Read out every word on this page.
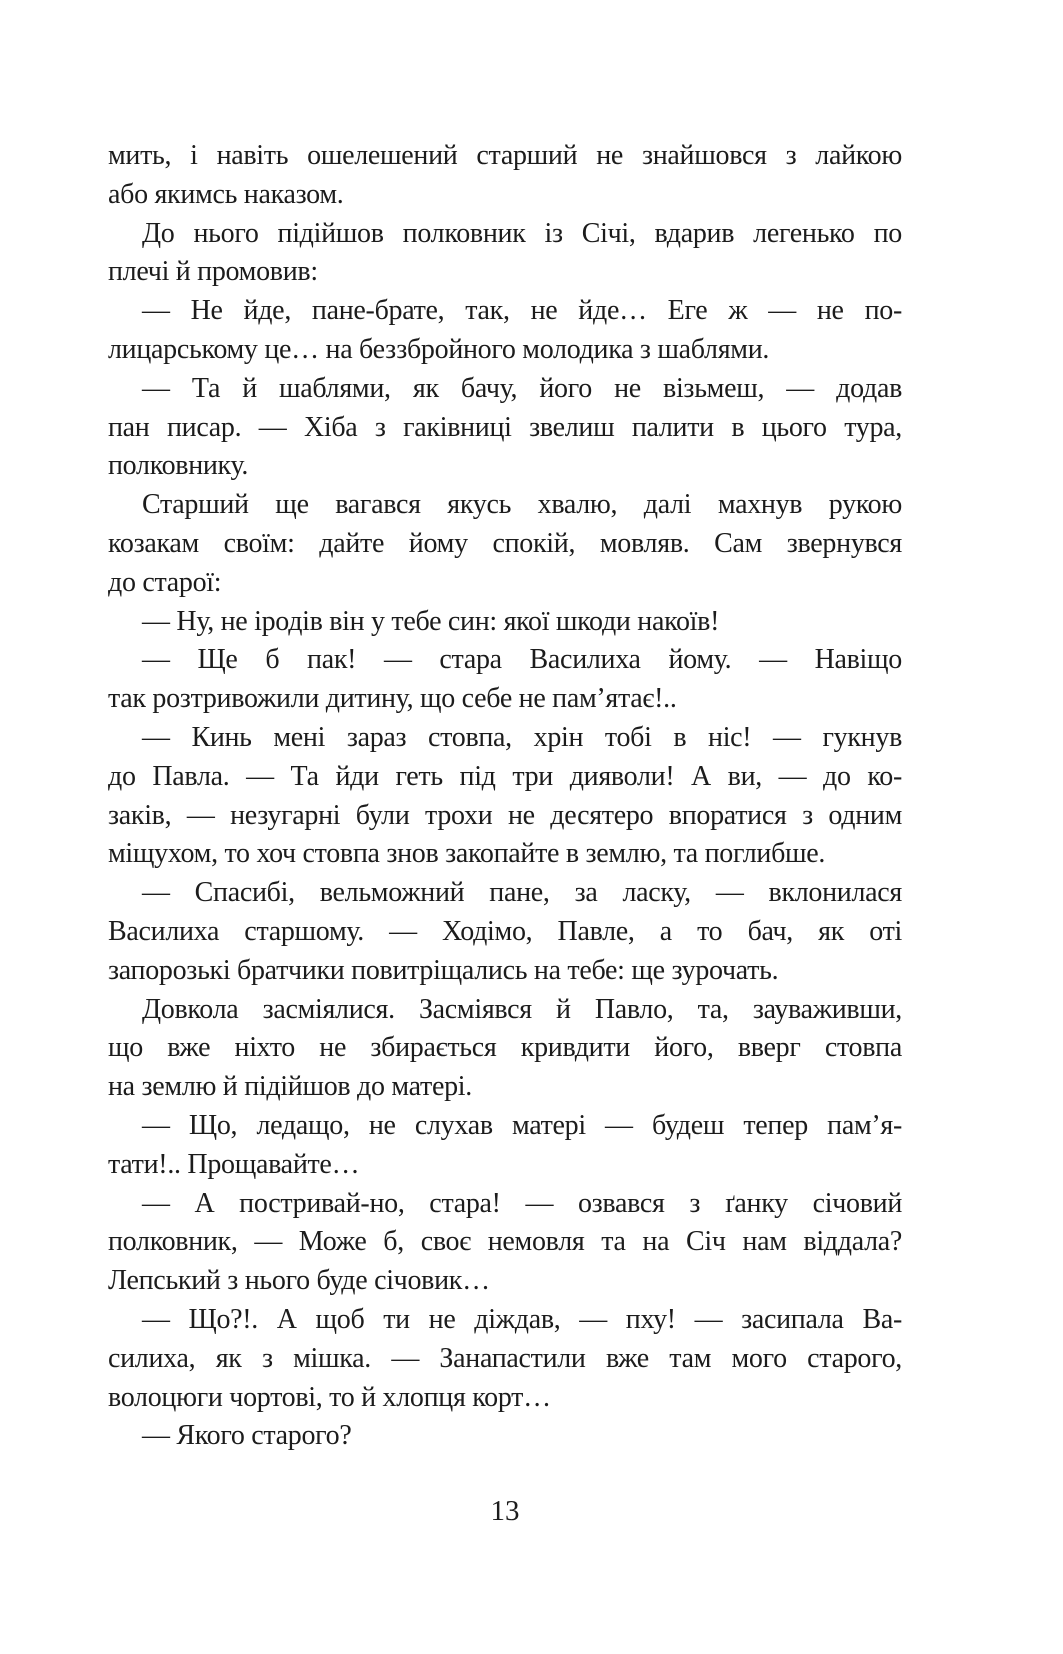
мить, і навіть ошелешений старший не знайшовся з лайкою
або якимсь наказом.
До нього підійшов полковник із Січі, вдарив легенько по
плечі й промовив:
— Не йде, пане-брате, так, не йде… Еге ж — не по-
лицарському це… на беззбройного молодика з шаблями.
— Та й шаблями, як бачу, його не візьмеш, — додав
пан писар. — Хіба з гаківниці звелиш палити в цього тура,
полковнику.
Старший ще вагався якусь хвалю, далі махнув рукою
козакам своїм: дайте йому спокій, мовляв. Сам звернувся
до старої:
— Ну, не іродів він у тебе син: якої шкоди накоїв!
— Ще б пак! — стара Василиха йому. — Навіщо
так розтривожили дитину, що себе не пам’ятає!..
— Кинь мені зараз стовпа, хрін тобі в ніс! — гукнув
до Павла. — Та йди геть під три дияволи! А ви, — до ко-
заків, — незугарні були трохи не десятеро впоратися з одним
міщухом, то хоч стовпа знов закопайте в землю, та поглибше.
— Спасибі, вельможний пане, за ласку, — вклонилася
Василиха старшому. — Ходімо, Павле, а то бач, як оті
запорозькі братчики повитріщались на тебе: ще зурочать.
Довкола засміялися. Засміявся й Павло, та, зауваживши,
що вже ніхто не збирається кривдити його, вверг стовпа
на землю й підійшов до матері.
— Що, ледащо, не слухав матері — будеш тепер пам’я-
тати!.. Прощавайте…
— А постривай-но, стара! — озвався з ґанку січовий
полковник, — Може б, своє немовля та на Січ нам віддала?
Лепський з нього буде січовик…
— Що?!. А щоб ти не діждав, — пху! — засипала Ва-
силиха, як з мішка. — Занапастили вже там мого старого,
волоцюги чортові, то й хлопця корт…
— Якого старого?
13
